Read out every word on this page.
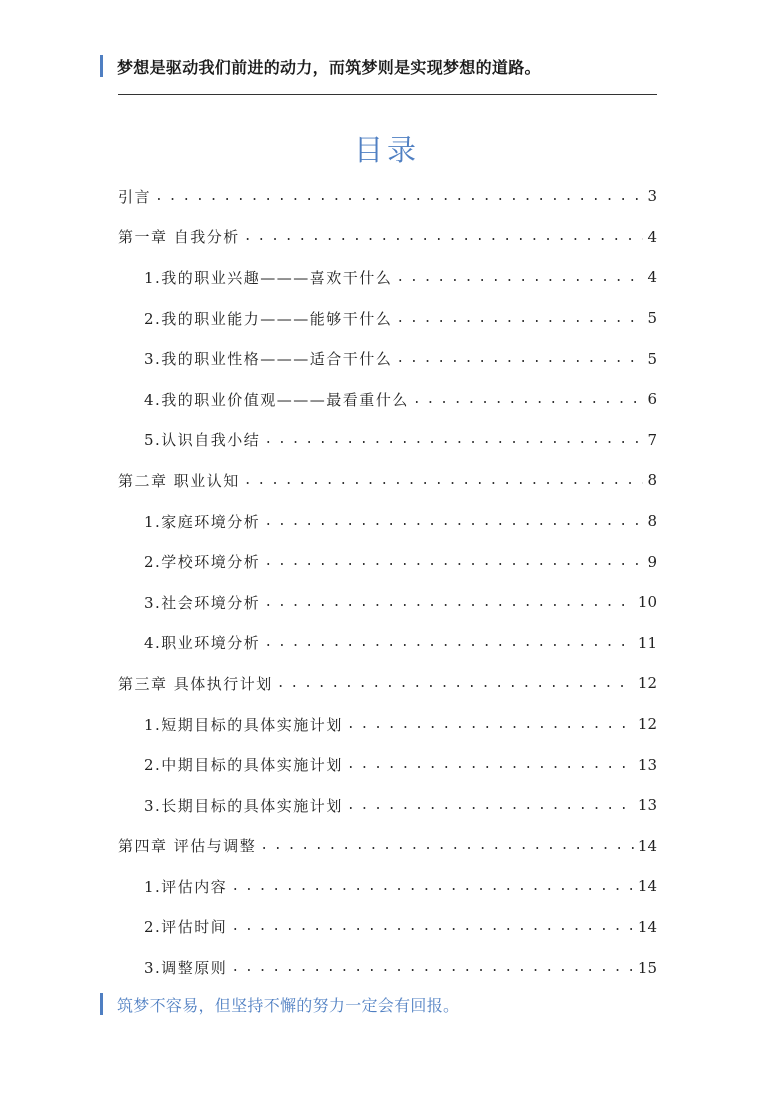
梦想是驱动我们前进的动力，而筑梦则是实现梦想的道路。
目录
引言 . . .	3
第一章 自我分析 . . .	4
1.我的职业兴趣———喜欢干什么 . . .	4
2.我的职业能力———能够干什么 . . .	5
3.我的职业性格———适合干什么 . . .	5
4.我的职业价值观———最看重什么 . . .	6
5.认识自我小结 . . .	7
第二章 职业认知 . . .	8
1.家庭环境分析 . . .	8
2.学校环境分析 . . .	9
3.社会环境分析 . . .	10
4.职业环境分析 . . .	11
第三章 具体执行计划 . . .	12
1.短期目标的具体实施计划 . . .	12
2.中期目标的具体实施计划 . . .	13
3.长期目标的具体实施计划 . . .	13
第四章 评估与调整 . . .	14
1.评估内容 . . .	14
2.评估时间 . . .	14
3.调整原则 . . .	15
筑梦不容易，但坚持不懈的努力一定会有回报。
